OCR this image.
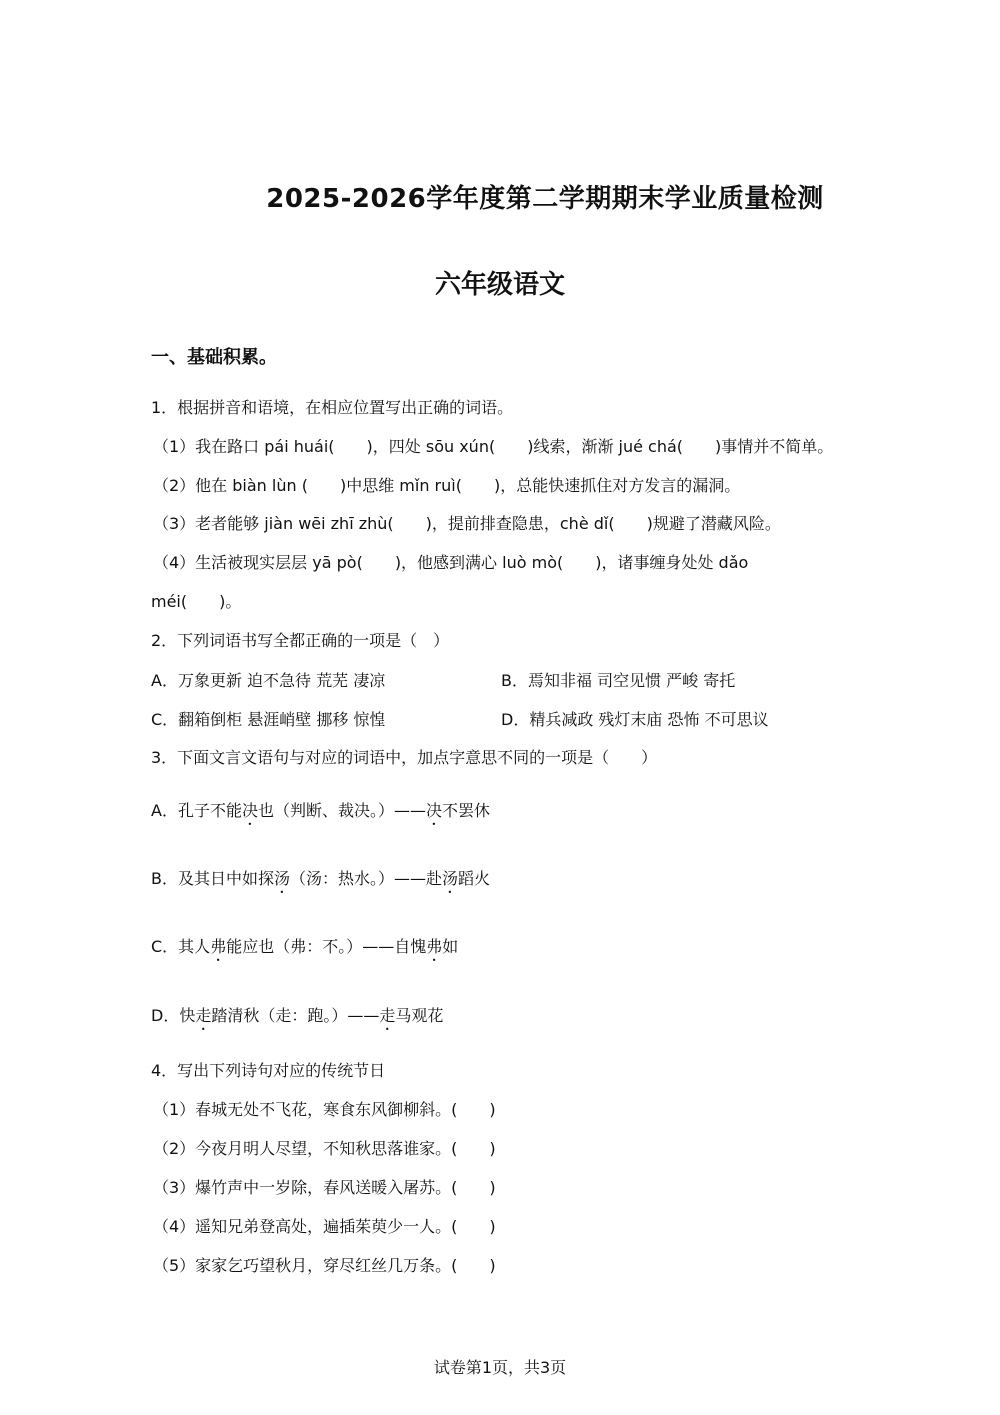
2025-2026学年度第二学期期末学业质量检测
六年级语文
一、基础积累。
1．根据拼音和语境，在相应位置写出正确的词语。
（1）我在路口 pái huái(　　)，四处 sōu xún(　　)线索，渐渐 jué chá(　　)事情并不简单。
（2）他在 biàn lùn (　　)中思维 mǐn ruì(　　)，总能快速抓住对方发言的漏洞。
（3）老者能够 jiàn wēi zhī zhù(　　)，提前排查隐患，chè dǐ(　　)规避了潜藏风险。
（4）生活被现实层层 yā pò(　　)，他感到满心 luò mò(　　)，诸事缠身处处 dǎo
méi(　　)。
2．下列词语书写全都正确的一项是（　）
A．万象更新 迫不急待 荒芜 凄凉	B．焉知非福 司空见惯 严峻 寄托
C．翻箱倒柜 悬涯峭壁 挪移 惊惶	D．精兵减政 残灯末庙 恐怖 不可思议
3．下面文言文语句与对应的词语中，加点字意思不同的一项是（　　）
A．孔子不能决也（判断、裁决。）——决不罢休
B．及其日中如探汤（汤：热水。）——赴汤蹈火
C．其人弗能应也（弗：不。）——自愧弗如
D．快走踏清秋（走：跑。）——走马观花
4．写出下列诗句对应的传统节日
（1）春城无处不飞花，寒食东风御柳斜。(　　)
（2）今夜月明人尽望，不知秋思落谁家。(　　)
（3）爆竹声中一岁除，春风送暖入屠苏。(　　)
（4）遥知兄弟登高处，遍插茱萸少一人。(　　)
（5）家家乞巧望秋月，穿尽红丝几万条。(　　)
试卷第1页，共3页
